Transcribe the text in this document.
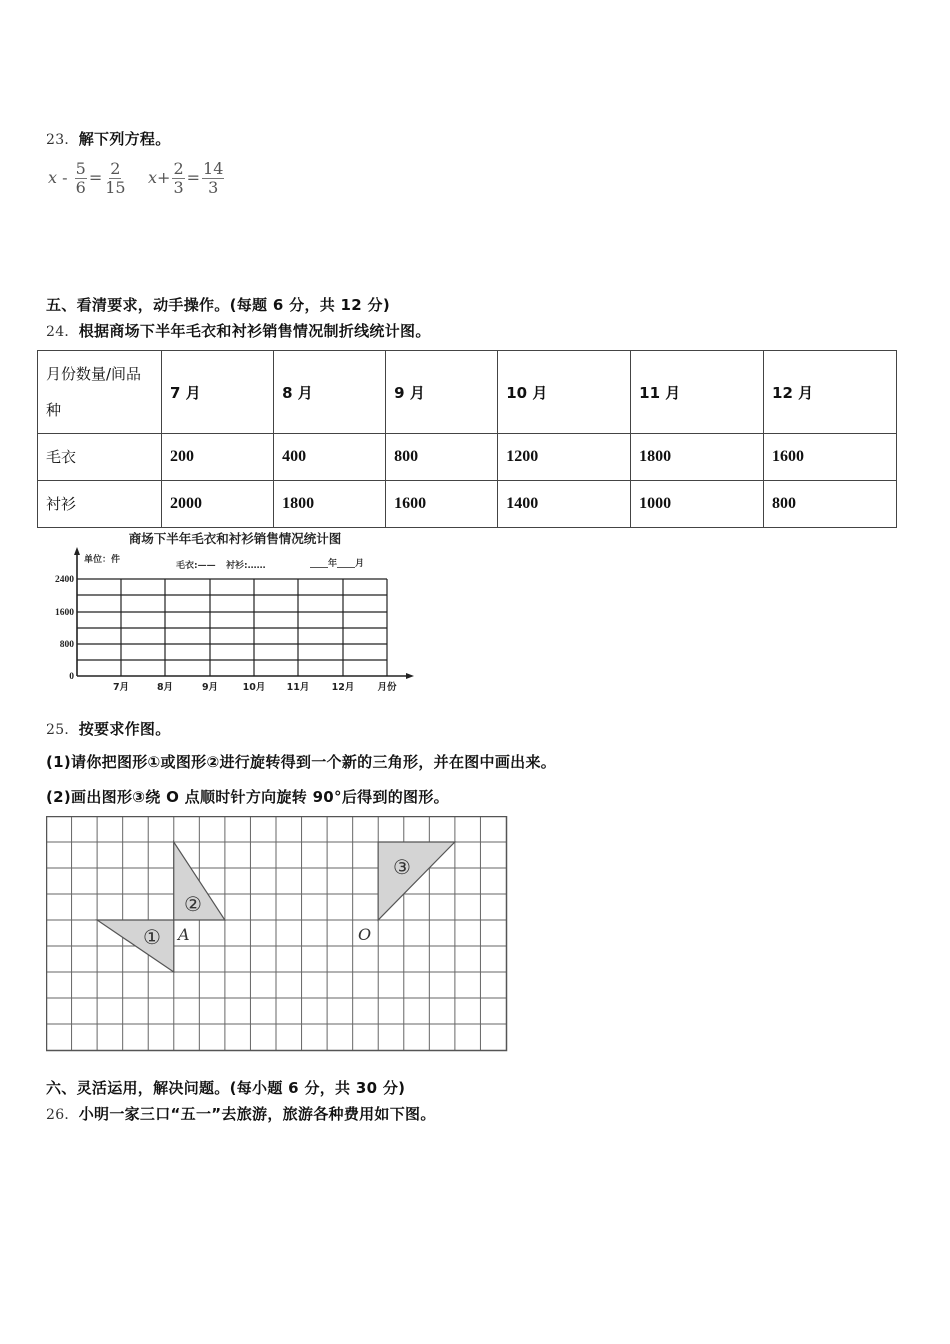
23．解下列方程。
$x - \frac{5}{6} = \frac{2}{15} x+ \frac{2}{3} = \frac{14}{3}$
五、看清要求，动手操作。(每题 6 分，共 12 分)
24．根据商场下半年毛衣和衬衫销售情况制折线统计图。
月份数量/间品种	7 月	8 月	9 月	10 月	11 月	12 月
毛衣	200	400	800	1200	1800	1600
衬衫	2000	1800	1600	1400	1000	800
商场下半年毛衣和衬衫销售情况统计图
单位：件
毛衣:—— 衬衫:……	____年____月
2400
1600
800
0
7月	8月	9月	10月 11月 12月 月份
25．按要求作图。
(1)请你把图形①或图形②进行旋转得到一个新的三角形，并在图中画出来。
(2)画出图形③绕 O 点顺时针方向旋转 90°后得到的图形。
①
②
③
A	O
六、灵活运用，解决问题。(每小题 6 分，共 30 分)
26．小明一家三口“五一”去旅游，旅游各种费用如下图。
